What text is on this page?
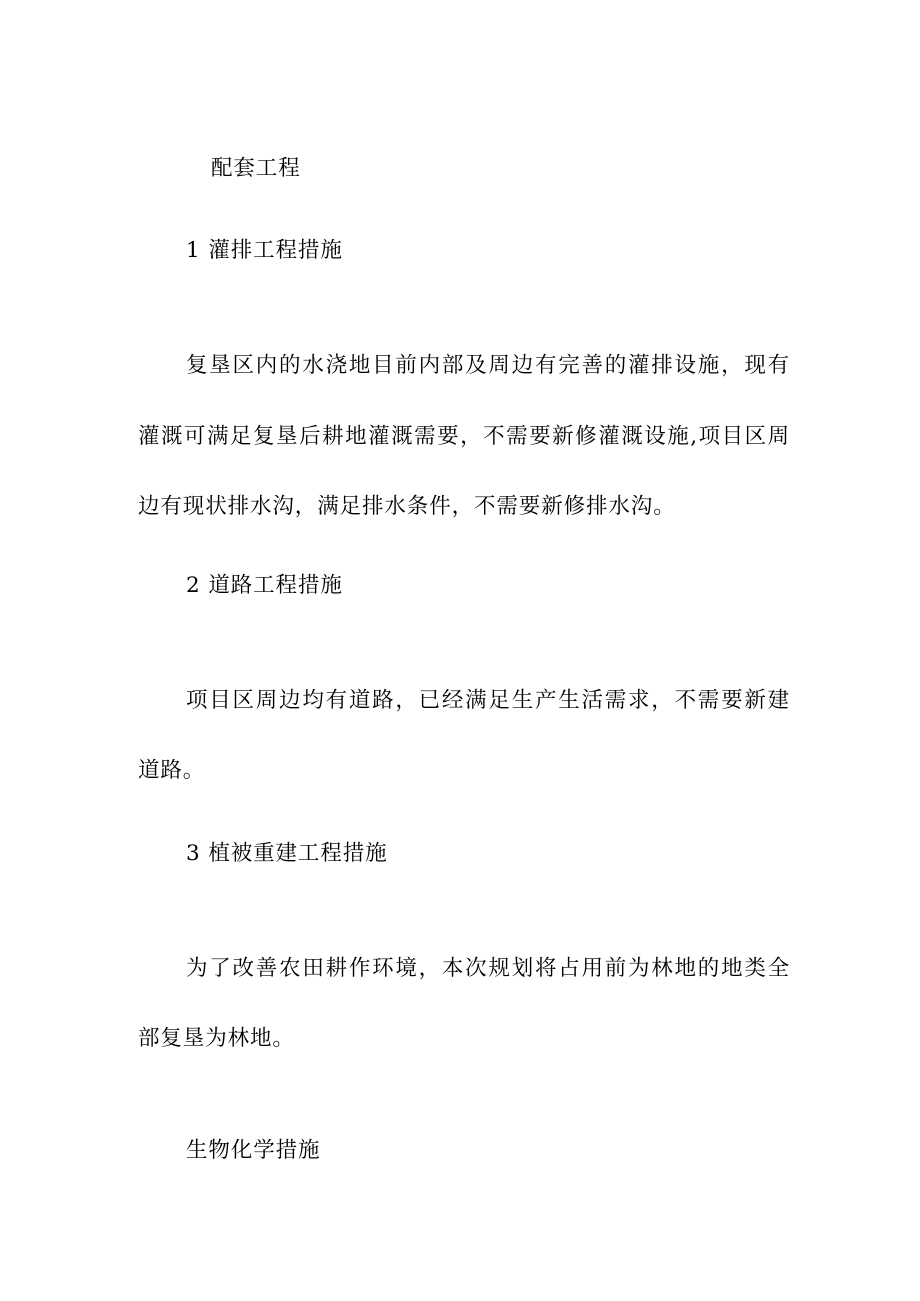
配套工程
1 灌排工程措施
复垦区内的水浇地目前内部及周边有完善的灌排设施，现有
灌溉可满足复垦后耕地灌溉需要，不需要新修灌溉设施,项目区周
边有现状排水沟，满足排水条件，不需要新修排水沟。
2 道路工程措施
项目区周边均有道路，已经满足生产生活需求，不需要新建
道路。
3 植被重建工程措施
为了改善农田耕作环境，本次规划将占用前为林地的地类全
部复垦为林地。
生物化学措施
